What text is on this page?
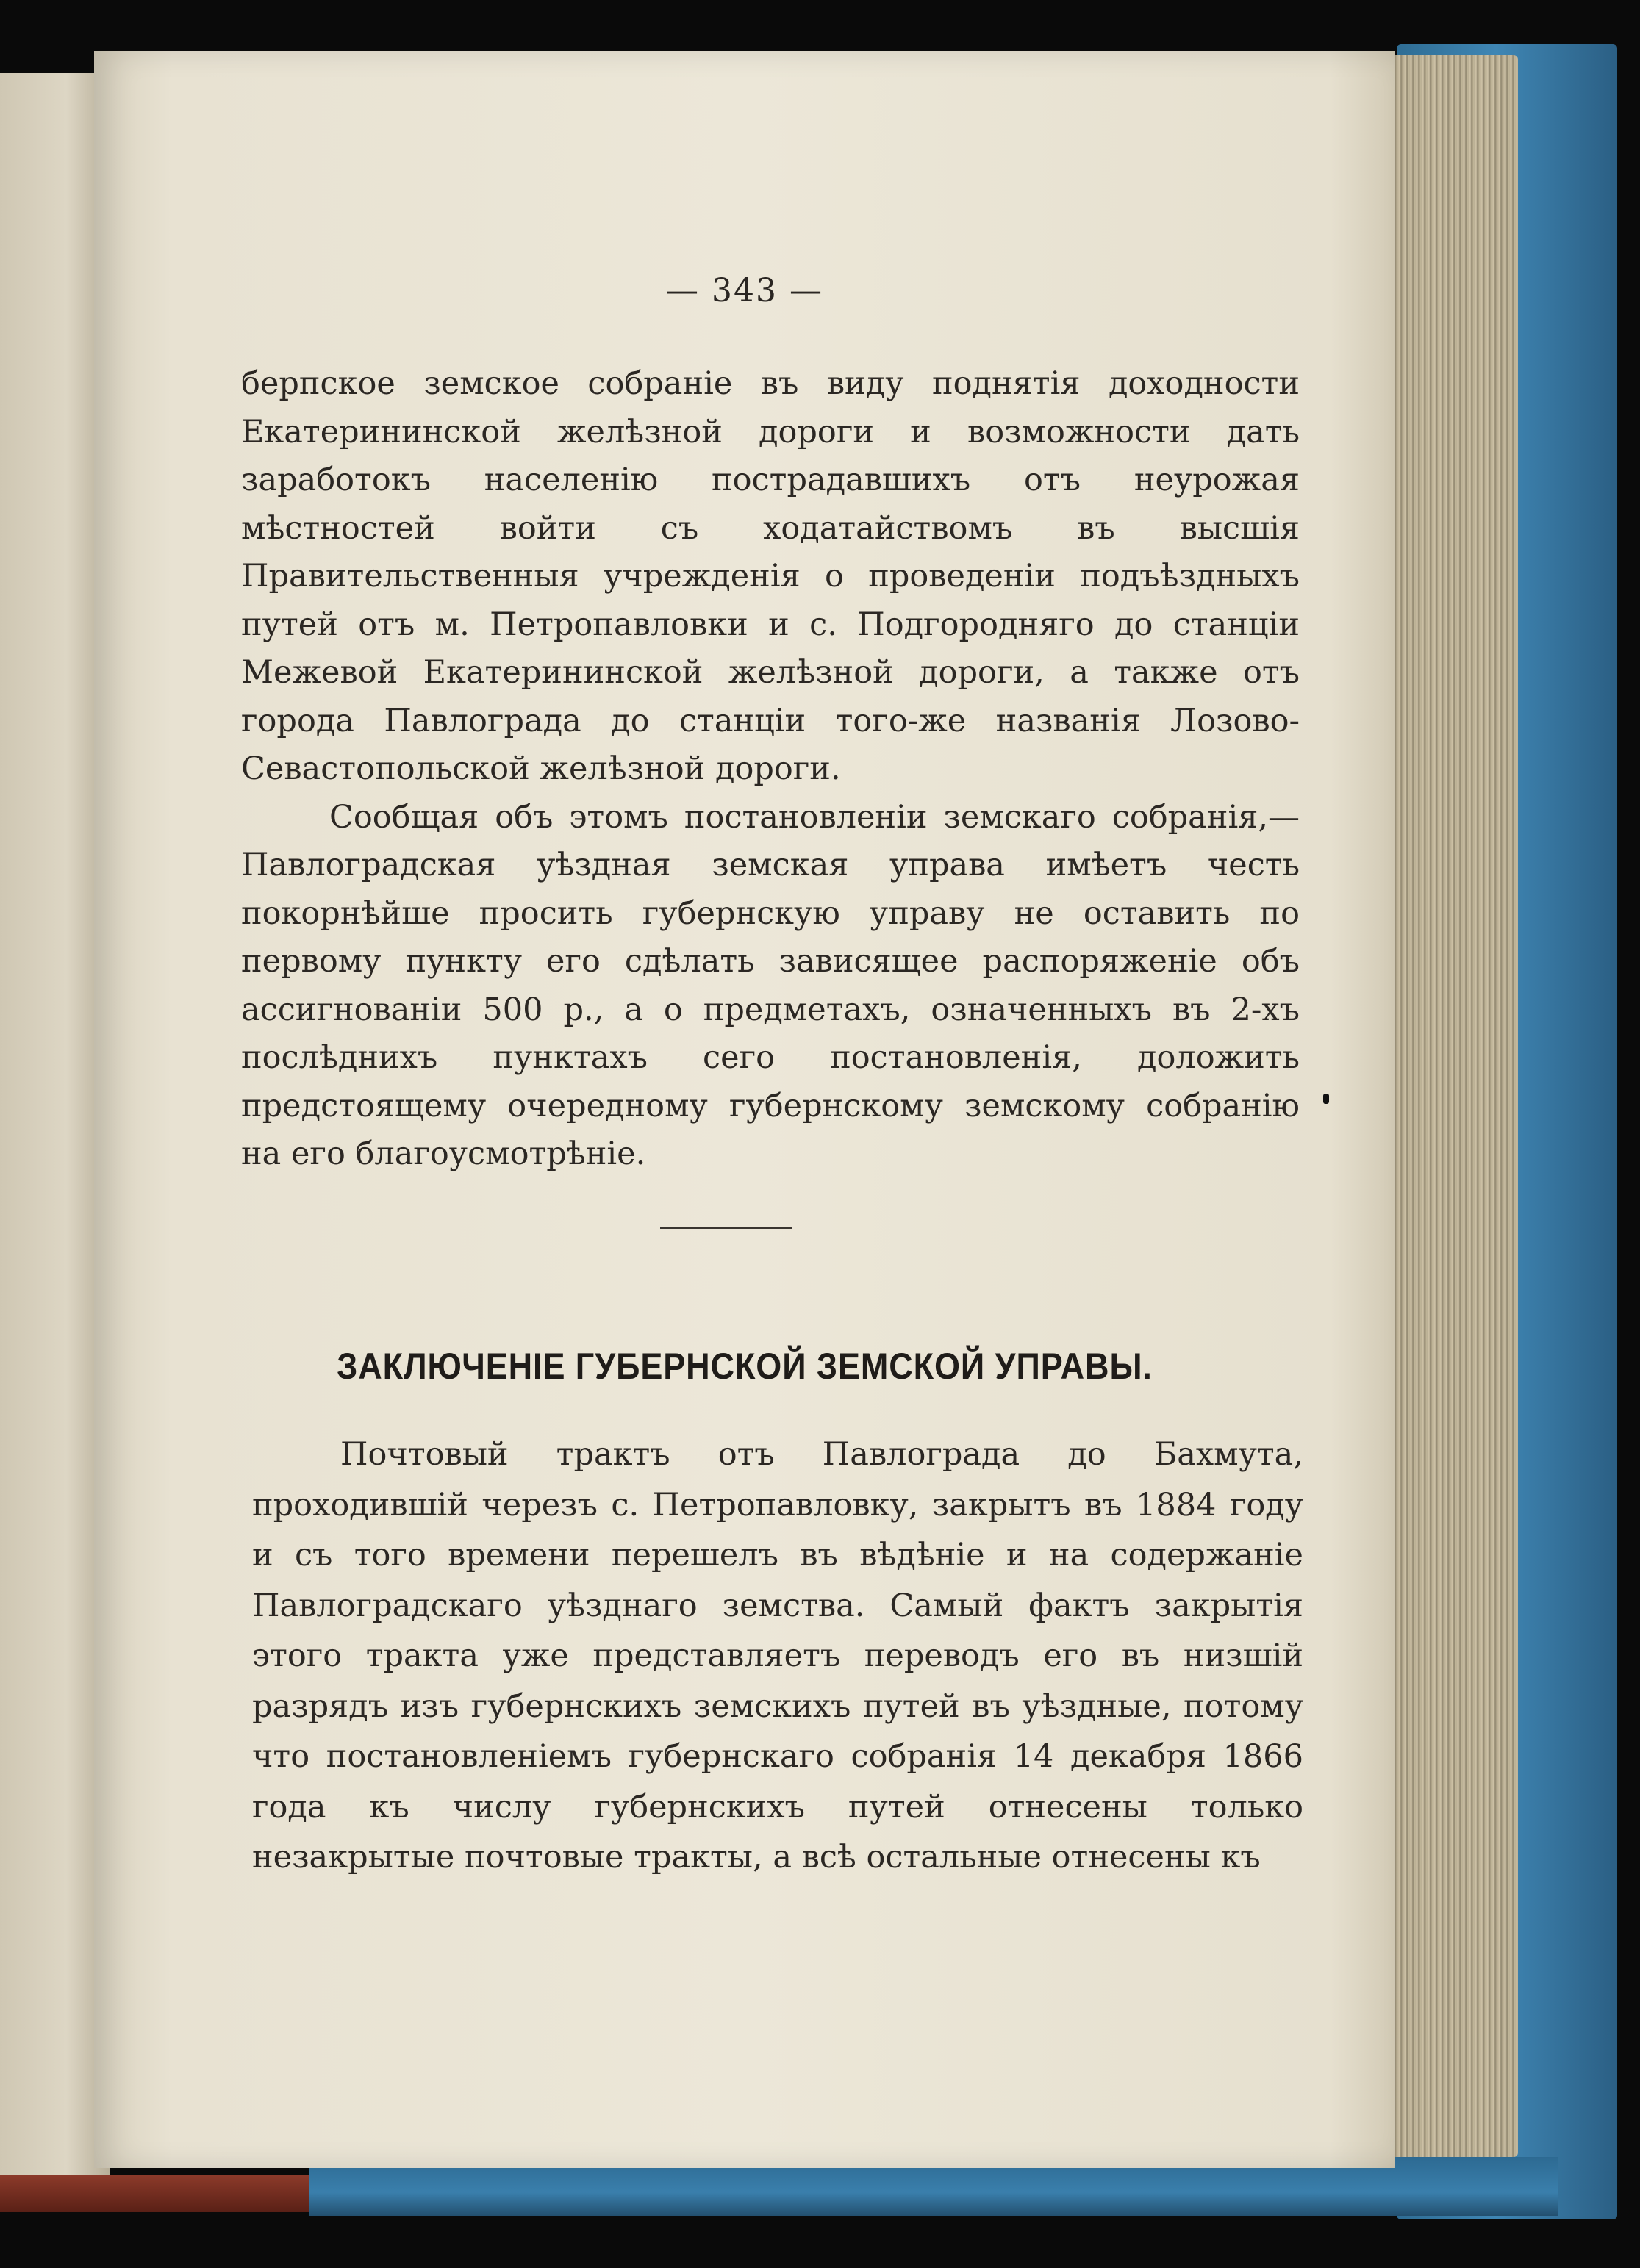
— 343 —

берпское земское собраніе въ виду поднятія доходности Екатерининской желѣзной дороги и возможности дать заработокъ населенію пострадавшихъ отъ неурожая мѣстностей войти съ ходатайствомъ въ высшія Правительственныя учрежденія о проведеніи подъѣздныхъ путей отъ м. Петропавловки и с. Подгородняго до станціи Межевой Екатерининской желѣзной дороги, а также отъ города Павлограда до станціи того-же названія Лозово-Севастопольской желѣзной дороги.

Сообщая объ этомъ постановленіи земскаго собранія,— Павлоградская уѣздная земская управа имѣетъ честь покорнѣйше просить губернскую управу не оставить по первому пункту его сдѣлать зависящее распоряженіе объ ассигнованіи 500 р., а о предметахъ, означенныхъ въ 2-хъ послѣднихъ пунктахъ сего постановленія, доложить предстоящему очередному губернскому земскому собранію на его благоусмотрѣніе.

ЗАКЛЮЧЕНІЕ ГУБЕРНСКОЙ ЗЕМСКОЙ УПРАВЫ.

Почтовый трактъ отъ Павлограда до Бахмута, проходившій черезъ с. Петропавловку, закрытъ въ 1884 году и съ того времени перешелъ въ вѣдѣніе и на содержаніе Павлоградскаго уѣзднаго земства. Самый фактъ закрытія этого тракта уже представляетъ переводъ его въ низшій разрядъ изъ губернскихъ земскихъ путей въ уѣздные, потому что постановленіемъ губернскаго собранія 14 декабря 1866 года къ числу губернскихъ путей отнесены только незакрытые почтовые тракты, а всѣ остальные отнесены къ
